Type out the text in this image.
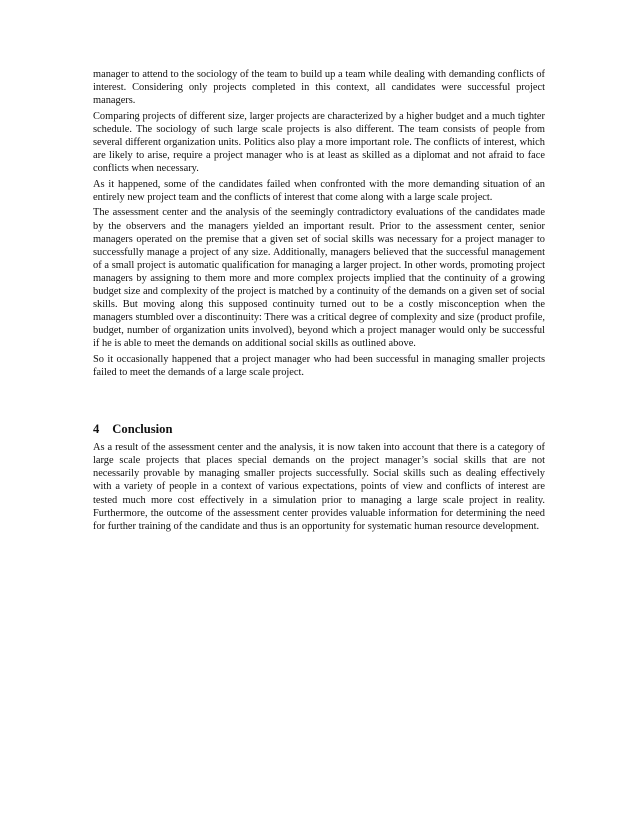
manager to attend to the sociology of the team to build up a team while dealing with demanding conflicts of interest. Considering only projects completed in this context, all candidates were successful project managers.

Comparing projects of different size, larger projects are characterized by a higher budget and a much tighter schedule. The sociology of such large scale projects is also different. The team consists of people from several different organization units. Politics also play a more important role. The conflicts of interest, which are likely to arise, require a project manager who is at least as skilled as a diplomat and not afraid to face conflicts when necessary.

As it happened, some of the candidates failed when confronted with the more demanding situation of an entirely new project team and the conflicts of interest that come along with a large scale project.

The assessment center and the analysis of the seemingly contradictory evaluations of the candidates made by the observers and the managers yielded an important result. Prior to the assessment center, senior managers operated on the premise that a given set of social skills was necessary for a project manager to successfully manage a project of any size. Additionally, managers believed that the successful management of a small project is automatic qualification for managing a larger project. In other words, promoting project managers by assigning to them more and more complex projects implied that the continuity of a growing budget size and complexity of the project is matched by a continuity of the demands on a given set of social skills. But moving along this supposed continuity turned out to be a costly misconception when the managers stumbled over a discontinuity: There was a critical degree of complexity and size (product profile, budget, number of organization units involved), beyond which a project manager would only be successful if he is able to meet the demands on additional social skills as outlined above.

So it occasionally happened that a project manager who had been successful in managing smaller projects failed to meet the demands of a large scale project.

4 Conclusion

As a result of the assessment center and the analysis, it is now taken into account that there is a category of large scale projects that places special demands on the project manager’s social skills that are not necessarily provable by managing smaller projects successfully. Social skills such as dealing effectively with a variety of people in a context of various expectations, points of view and conflicts of interest are tested much more cost effectively in a simulation prior to managing a large scale project in reality. Furthermore, the outcome of the assessment center provides valuable information for determining the need for further training of the candidate and thus is an opportunity for systematic human resource development.
